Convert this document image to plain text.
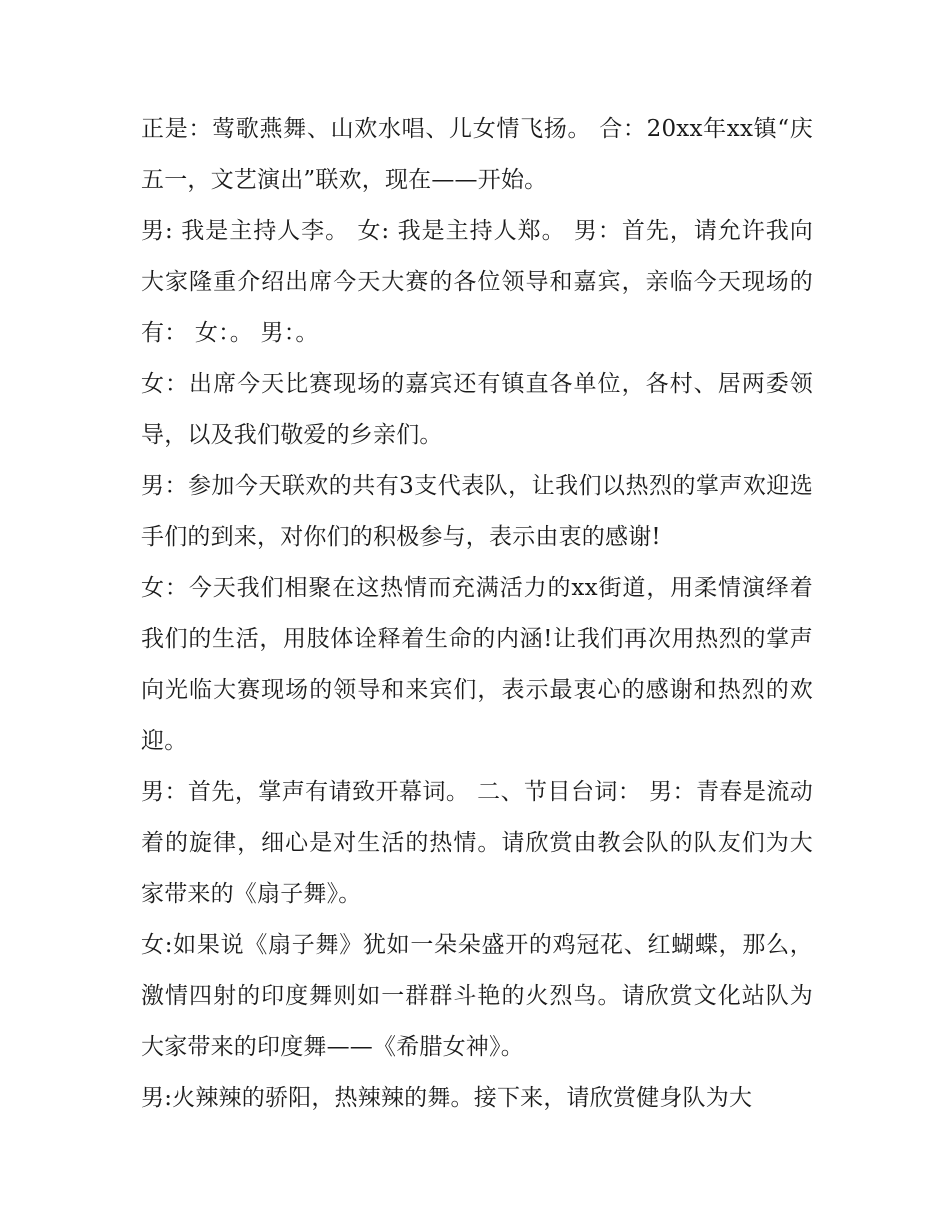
正是：莺歌燕舞、山欢水唱、儿女情飞扬。 合：20xx年xx镇“庆五一，文艺演出”联欢，现在——开始。

男: 我是主持人李。 女: 我是主持人郑。 男：首先，请允许我向大家隆重介绍出席今天大赛的各位领导和嘉宾，亲临今天现场的有： 女：。 男：。

女：出席今天比赛现场的嘉宾还有镇直各单位，各村、居两委领导，以及我们敬爱的乡亲们。

男：参加今天联欢的共有3支代表队，让我们以热烈的掌声欢迎选手们的到来，对你们的积极参与，表示由衷的感谢!

女：今天我们相聚在这热情而充满活力的xx街道，用柔情演绎着我们的生活，用肢体诠释着生命的内涵!让我们再次用热烈的掌声向光临大赛现场的领导和来宾们，表示最衷心的感谢和热烈的欢迎。

男：首先，掌声有请致开幕词。 二、节目台词： 男：青春是流动着的旋律，细心是对生活的热情。请欣赏由教会队的队友们为大家带来的《扇子舞》。

女:如果说《扇子舞》犹如一朵朵盛开的鸡冠花、红蝴蝶，那么，激情四射的印度舞则如一群群斗艳的火烈鸟。请欣赏文化站队为大家带来的印度舞——《希腊女神》。

男:火辣辣的骄阳，热辣辣的舞。接下来，请欣赏健身队为大
